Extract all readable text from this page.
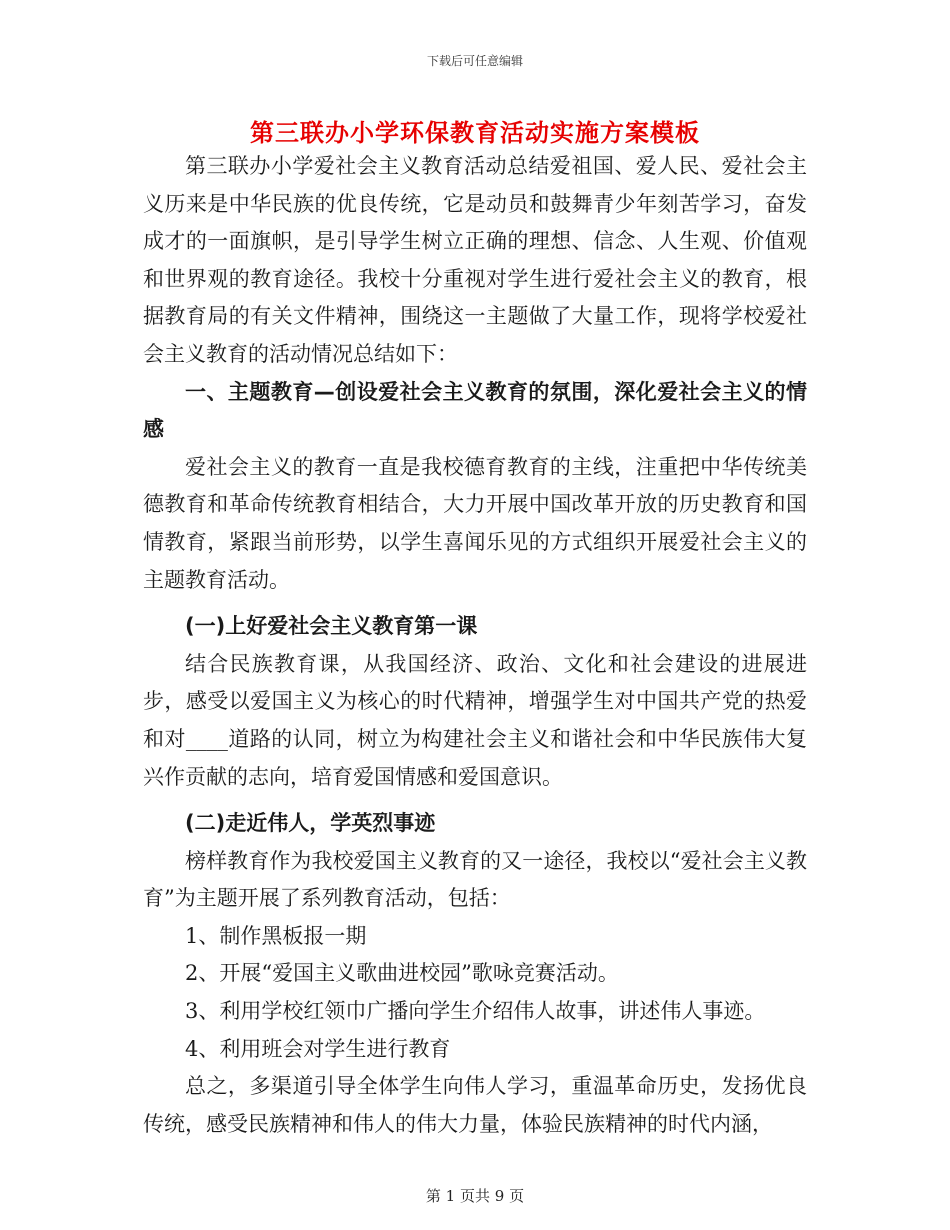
下载后可任意编辑
第三联办小学环保教育活动实施方案模板

第三联办小学爱社会主义教育活动总结爱祖国、爱人民、爱社会主义历来是中华民族的优良传统，它是动员和鼓舞青少年刻苦学习，奋发成才的一面旗帜，是引导学生树立正确的理想、信念、人生观、价值观和世界观的教育途径。我校十分重视对学生进行爱社会主义的教育，根据教育局的有关文件精神，围绕这一主题做了大量工作，现将学校爱社会主义教育的活动情况总结如下：

一、主题教育—创设爱社会主义教育的氛围，深化爱社会主义的情感

爱社会主义的教育一直是我校德育教育的主线，注重把中华传统美德教育和革命传统教育相结合，大力开展中国改革开放的历史教育和国情教育，紧跟当前形势，以学生喜闻乐见的方式组织开展爱社会主义的主题教育活动。

(一)上好爱社会主义教育第一课

结合民族教育课，从我国经济、政治、文化和社会建设的进展进步，感受以爱国主义为核心的时代精神，增强学生对中国共产党的热爱和对____道路的认同，树立为构建社会主义和谐社会和中华民族伟大复兴作贡献的志向，培育爱国情感和爱国意识。

(二)走近伟人，学英烈事迹

榜样教育作为我校爱国主义教育的又一途径，我校以“爱社会主义教育”为主题开展了系列教育活动，包括：

1、制作黑板报一期

2、开展“爱国主义歌曲进校园”歌咏竞赛活动。

3、利用学校红领巾广播向学生介绍伟人故事，讲述伟人事迹。

4、利用班会对学生进行教育

总之，多渠道引导全体学生向伟人学习，重温革命历史，发扬优良传统，感受民族精神和伟人的伟大力量，体验民族精神的时代内涵，

第 1 页共 9 页
